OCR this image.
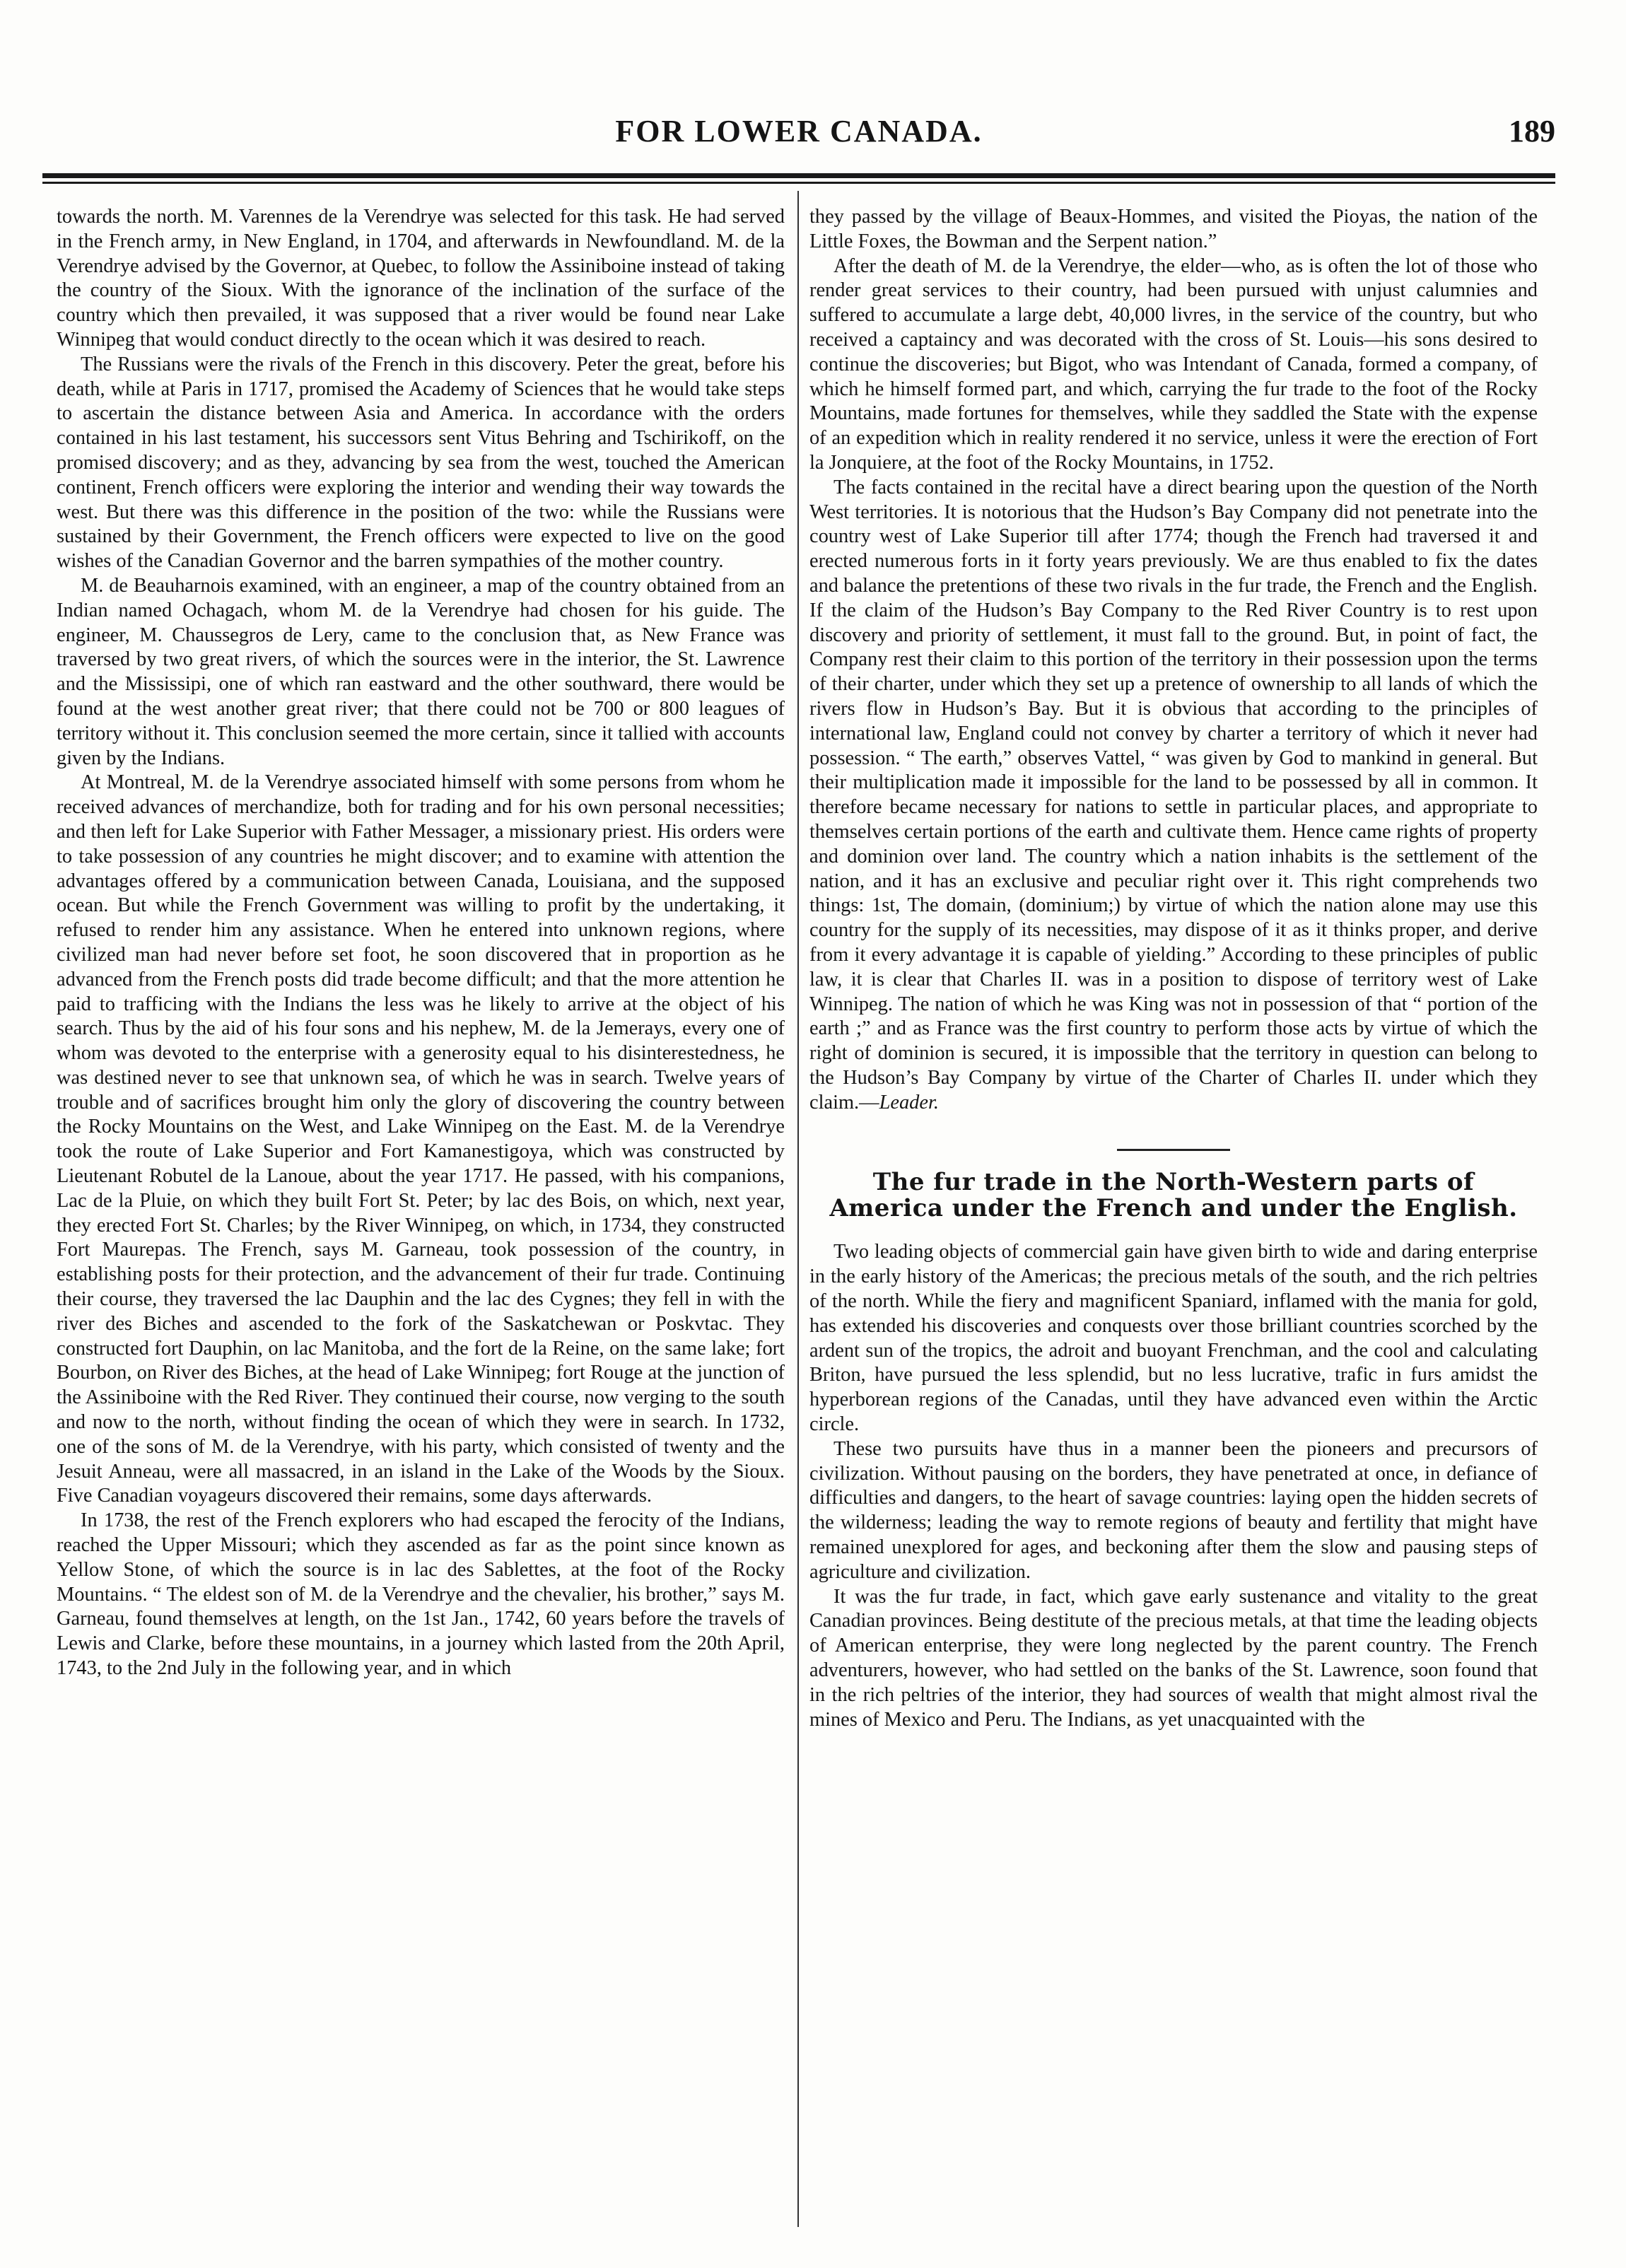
FOR LOWER CANADA.	189

towards the north. M. Varennes de la Verendrye was selected for this task. He had served in the French army, in New England, in 1704, and afterwards in Newfoundland. M. de la Verendrye advised by the Governor, at Quebec, to follow the Assiniboine instead of taking the country of the Sioux. With the ignorance of the inclination of the surface of the country which then prevailed, it was supposed that a river would be found near Lake Winnipeg that would conduct directly to the ocean which it was desired to reach.

The Russians were the rivals of the French in this discovery. Peter the great, before his death, while at Paris in 1717, promised the Academy of Sciences that he would take steps to ascertain the distance between Asia and America. In accordance with the orders contained in his last testament, his successors sent Vitus Behring and Tschirikoff, on the promised discovery; and as they, advancing by sea from the west, touched the American continent, French officers were exploring the interior and wending their way towards the west. But there was this difference in the position of the two: while the Russians were sustained by their Government, the French officers were expected to live on the good wishes of the Canadian Governor and the barren sympathies of the mother country.

M. de Beauharnois examined, with an engineer, a map of the country obtained from an Indian named Ochagach, whom M. de la Verendrye had chosen for his guide. The engineer, M. Chaussegros de Lery, came to the conclusion that, as New France was traversed by two great rivers, of which the sources were in the interior, the St. Lawrence and the Mississipi, one of which ran eastward and the other southward, there would be found at the west another great river; that there could not be 700 or 800 leagues of territory without it. This conclusion seemed the more certain, since it tallied with accounts given by the Indians.

At Montreal, M. de la Verendrye associated himself with some persons from whom he received advances of merchandize, both for trading and for his own personal necessities; and then left for Lake Superior with Father Messager, a missionary priest. His orders were to take possession of any countries he might discover; and to examine with attention the advantages offered by a communication between Canada, Louisiana, and the supposed ocean. But while the French Government was willing to profit by the undertaking, it refused to render him any assistance. When he entered into unknown regions, where civilized man had never before set foot, he soon discovered that in proportion as he advanced from the French posts did trade become difficult; and that the more attention he paid to trafficing with the Indians the less was he likely to arrive at the object of his search. Thus by the aid of his four sons and his nephew, M. de la Jemerays, every one of whom was devoted to the enterprise with a generosity equal to his disinterestedness, he was destined never to see that unknown sea, of which he was in search. Twelve years of trouble and of sacrifices brought him only the glory of discovering the country between the Rocky Mountains on the West, and Lake Winnipeg on the East. M. de la Verendrye took the route of Lake Superior and Fort Kamanestigoya, which was constructed by Lieutenant Robutel de la Lanoue, about the year 1717. He passed, with his companions, Lac de la Pluie, on which they built Fort St. Peter; by lac des Bois, on which, next year, they erected Fort St. Charles; by the River Winnipeg, on which, in 1734, they constructed Fort Maurepas. The French, says M. Garneau, took possession of the country, in establishing posts for their protection, and the advancement of their fur trade. Continuing their course, they traversed the lac Dauphin and the lac des Cygnes; they fell in with the river des Biches and ascended to the fork of the Saskatchewan or Poskvtac. They constructed fort Dauphin, on lac Manitoba, and the fort de la Reine, on the same lake; fort Bourbon, on River des Biches, at the head of Lake Winnipeg; fort Rouge at the junction of the Assiniboine with the Red River. They continued their course, now verging to the south and now to the north, without finding the ocean of which they were in search. In 1732, one of the sons of M. de la Verendrye, with his party, which consisted of twenty and the Jesuit Anneau, were all massacred, in an island in the Lake of the Woods by the Sioux. Five Canadian voyageurs discovered their remains, some days afterwards.

In 1738, the rest of the French explorers who had escaped the ferocity of the Indians, reached the Upper Missouri; which they ascended as far as the point since known as Yellow Stone, of which the source is in lac des Sablettes, at the foot of the Rocky Mountains. “ The eldest son of M. de la Verendrye and the chevalier, his brother,” says M. Garneau, found themselves at length, on the 1st Jan., 1742, 60 years before the travels of Lewis and Clarke, before these mountains, in a journey which lasted from the 20th April, 1743, to the 2nd July in the following year, and in which

they passed by the village of Beaux-Hommes, and visited the Pioyas, the nation of the Little Foxes, the Bowman and the Serpent nation.”

After the death of M. de la Verendrye, the elder—who, as is often the lot of those who render great services to their country, had been pursued with unjust calumnies and suffered to accumulate a large debt, 40,000 livres, in the service of the country, but who received a captaincy and was decorated with the cross of St. Louis—his sons desired to continue the discoveries; but Bigot, who was Intendant of Canada, formed a company, of which he himself formed part, and which, carrying the fur trade to the foot of the Rocky Mountains, made fortunes for themselves, while they saddled the State with the expense of an expedition which in reality rendered it no service, unless it were the erection of Fort la Jonquiere, at the foot of the Rocky Mountains, in 1752.

The facts contained in the recital have a direct bearing upon the question of the North West territories. It is notorious that the Hudson’s Bay Company did not penetrate into the country west of Lake Superior till after 1774; though the French had traversed it and erected numerous forts in it forty years previously. We are thus enabled to fix the dates and balance the pretentions of these two rivals in the fur trade, the French and the English. If the claim of the Hudson’s Bay Company to the Red River Country is to rest upon discovery and priority of settlement, it must fall to the ground. But, in point of fact, the Company rest their claim to this portion of the territory in their possession upon the terms of their charter, under which they set up a pretence of ownership to all lands of which the rivers flow in Hudson’s Bay. But it is obvious that according to the principles of international law, England could not convey by charter a territory of which it never had possession. “ The earth,” observes Vattel, “ was given by God to mankind in general. But their multiplication made it impossible for the land to be possessed by all in common. It therefore became necessary for nations to settle in particular places, and appropriate to themselves certain portions of the earth and cultivate them. Hence came rights of property and dominion over land. The country which a nation inhabits is the settlement of the nation, and it has an exclusive and peculiar right over it. This right comprehends two things: 1st, The domain, (dominium;) by virtue of which the nation alone may use this country for the supply of its necessities, may dispose of it as it thinks proper, and derive from it every advantage it is capable of yielding.” According to these principles of public law, it is clear that Charles II. was in a position to dispose of territory west of Lake Winnipeg. The nation of which he was King was not in possession of that “ portion of the earth ;” and as France was the first country to perform those acts by virtue of which the right of dominion is secured, it is impossible that the territory in question can belong to the Hudson’s Bay Company by virtue of the Charter of Charles II. under which they claim.—Leader.

The fur trade in the North-Western parts of America under the French and under the English.

Two leading objects of commercial gain have given birth to wide and daring enterprise in the early history of the Americas; the precious metals of the south, and the rich peltries of the north. While the fiery and magnificent Spaniard, inflamed with the mania for gold, has extended his discoveries and conquests over those brilliant countries scorched by the ardent sun of the tropics, the adroit and buoyant Frenchman, and the cool and calculating Briton, have pursued the less splendid, but no less lucrative, trafic in furs amidst the hyperborean regions of the Canadas, until they have advanced even within the Arctic circle.

These two pursuits have thus in a manner been the pioneers and precursors of civilization. Without pausing on the borders, they have penetrated at once, in defiance of difficulties and dangers, to the heart of savage countries: laying open the hidden secrets of the wilderness; leading the way to remote regions of beauty and fertility that might have remained unexplored for ages, and beckoning after them the slow and pausing steps of agriculture and civilization.

It was the fur trade, in fact, which gave early sustenance and vitality to the great Canadian provinces. Being destitute of the precious metals, at that time the leading objects of American enterprise, they were long neglected by the parent country. The French adventurers, however, who had settled on the banks of the St. Lawrence, soon found that in the rich peltries of the interior, they had sources of wealth that might almost rival the mines of Mexico and Peru. The Indians, as yet unacquainted with the
